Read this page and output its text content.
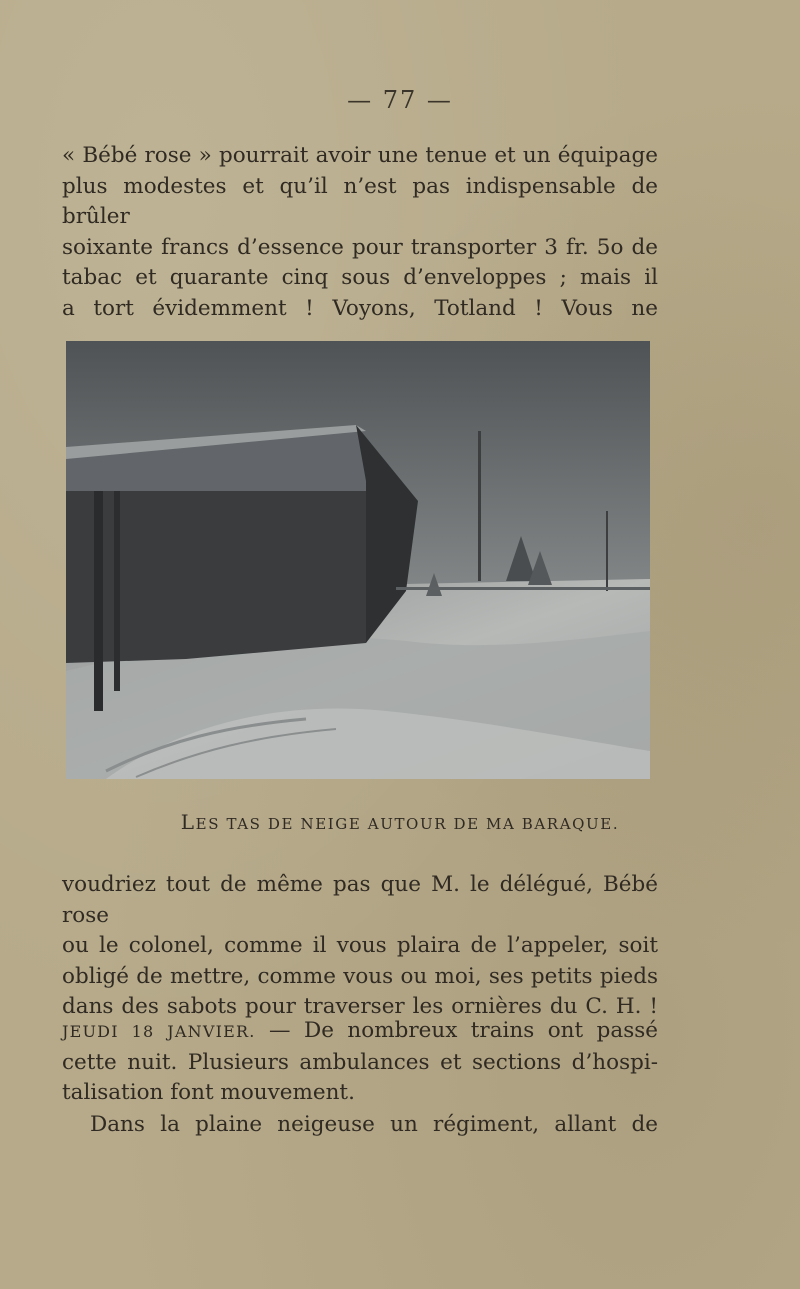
— 77 —
« Bébé rose » pourrait avoir une tenue et un équipage
plus modestes et qu’il n’est pas indispensable de brûler
soixante francs d’essence pour transporter 3 fr. 5o de
tabac et quarante cinq sous d’enveloppes ; mais il
a tort évidemment ! Voyons, Totland ! Vous ne
LES TAS DE NEIGE AUTOUR DE MA BARAQUE.
voudriez tout de même pas que M. le délégué, Bébé rose
ou le colonel, comme il vous plaira de l’appeler, soit
obligé de mettre, comme vous ou moi, ses petits pieds
dans des sabots pour traverser les ornières du C. H. !
JEUDI 18 JANVIER. — De nombreux trains ont passé
cette nuit. Plusieurs ambulances et sections d’hospi-
talisation font mouvement.
Dans la plaine neigeuse un régiment, allant de
